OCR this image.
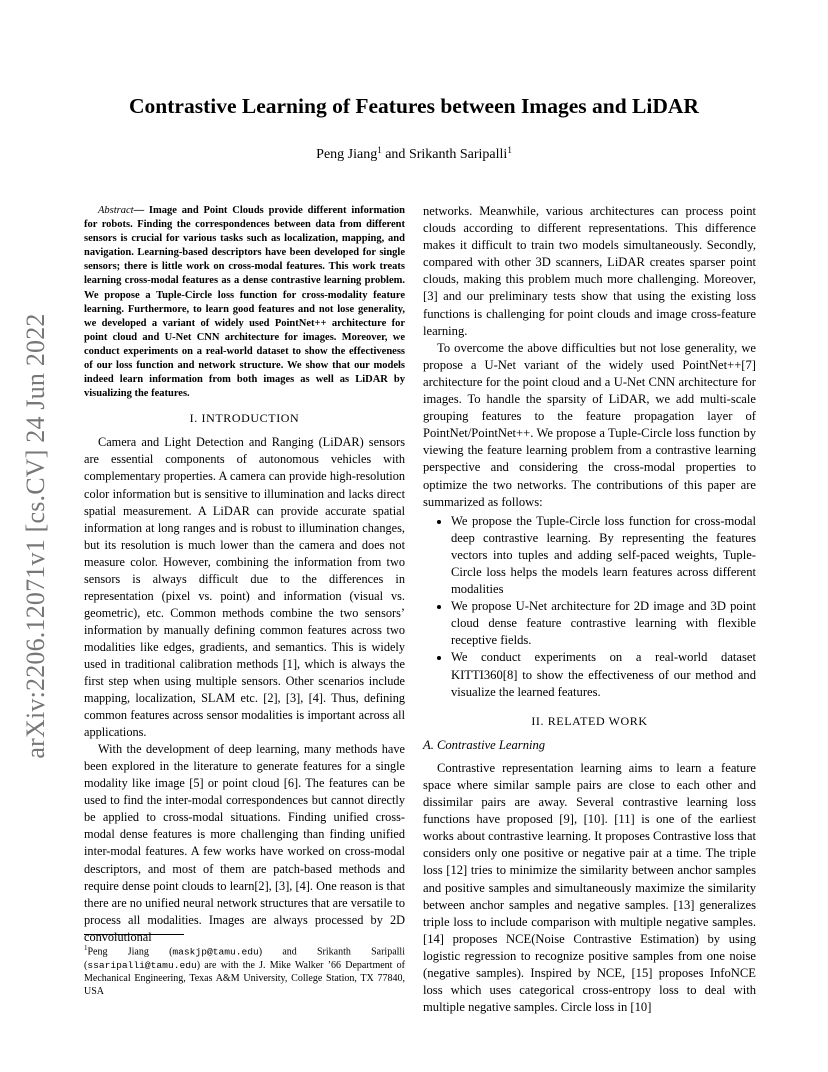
arXiv:2206.12071v1 [cs.CV] 24 Jun 2022
Contrastive Learning of Features between Images and LiDAR
Peng Jiang$^1$ and Srikanth Saripalli$^1$

Abstract— Image and Point Clouds provide different information for robots. Finding the correspondences between data from different sensors is crucial for various tasks such as localization, mapping, and navigation. Learning-based descriptors have been developed for single sensors; there is little work on cross-modal features. This work treats learning cross-modal features as a dense contrastive learning problem. We propose a Tuple-Circle loss function for cross-modality feature learning. Furthermore, to learn good features and not lose generality, we developed a variant of widely used PointNet++ architecture for point cloud and U-Net CNN architecture for images. Moreover, we conduct experiments on a real-world dataset to show the effectiveness of our loss function and network structure. We show that our models indeed learn information from both images as well as LiDAR by visualizing the features.

I. INTRODUCTION

Camera and Light Detection and Ranging (LiDAR) sensors are essential components of autonomous vehicles with complementary properties. A camera can provide high-resolution color information but is sensitive to illumination and lacks direct spatial measurement. A LiDAR can provide accurate spatial information at long ranges and is robust to illumination changes, but its resolution is much lower than the camera and does not measure color. However, combining the information from two sensors is always difficult due to the differences in representation (pixel vs. point) and information (visual vs. geometric), etc. Common methods combine the two sensors’ information by manually defining common features across two modalities like edges, gradients, and semantics. This is widely used in traditional calibration methods [1], which is always the first step when using multiple sensors. Other scenarios include mapping, localization, SLAM etc. [2], [3], [4]. Thus, defining common features across sensor modalities is important across all applications.

With the development of deep learning, many methods have been explored in the literature to generate features for a single modality like image [5] or point cloud [6]. The features can be used to find the inter-modal correspondences but cannot directly be applied to cross-modal situations. Finding unified cross-modal dense features is more challenging than finding unified inter-modal features. A few works have worked on cross-modal descriptors, and most of them are patch-based methods and require dense point clouds to learn[2], [3], [4]. One reason is that there are no unified neural network structures that are versatile to process all modalities. Images are always processed by 2D convolutional

networks. Meanwhile, various architectures can process point clouds according to different representations. This difference makes it difficult to train two models simultaneously. Secondly, compared with other 3D scanners, LiDAR creates sparser point clouds, making this problem much more challenging. Moreover, [3] and our preliminary tests show that using the existing loss functions is challenging for point clouds and image cross-feature learning.

To overcome the above difficulties but not lose generality, we propose a U-Net variant of the widely used PointNet++[7] architecture for the point cloud and a U-Net CNN architecture for images. To handle the sparsity of LiDAR, we add multi-scale grouping features to the feature propagation layer of PointNet/PointNet++. We propose a Tuple-Circle loss function by viewing the feature learning problem from a contrastive learning perspective and considering the cross-modal properties to optimize the two networks. The contributions of this paper are summarized as follows:

• We propose the Tuple-Circle loss function for cross-modal deep contrastive learning. By representing the features vectors into tuples and adding self-paced weights, Tuple-Circle loss helps the models learn features across different modalities
• We propose U-Net architecture for 2D image and 3D point cloud dense feature contrastive learning with flexible receptive fields.
• We conduct experiments on a real-world dataset KITTI360[8] to show the effectiveness of our method and visualize the learned features.
II. RELATED WORK
A. Contrastive Learning

Contrastive representation learning aims to learn a feature space where similar sample pairs are close to each other and dissimilar pairs are away. Several contrastive learning loss functions have proposed [9], [10]. [11] is one of the earliest works about contrastive learning. It proposes Contrastive loss that considers only one positive or negative pair at a time. The triple loss [12] tries to minimize the similarity between anchor samples and positive samples and simultaneously maximize the similarity between anchor samples and negative samples. [13] generalizes triple loss to include comparison with multiple negative samples. [14] proposes NCE(Noise Contrastive Estimation) by using logistic regression to recognize positive samples from one noise (negative samples). Inspired by NCE, [15] proposes InfoNCE loss which uses categorical cross-entropy loss to deal with multiple negative samples. Circle loss in [10]

$^1$Peng Jiang (maskjp@tamu.edu) and Srikanth Saripalli (ssaripalli@tamu.edu) are with the J. Mike Walker ’66 Department of Mechanical Engineering, Texas A&M University, College Station, TX 77840, USA
